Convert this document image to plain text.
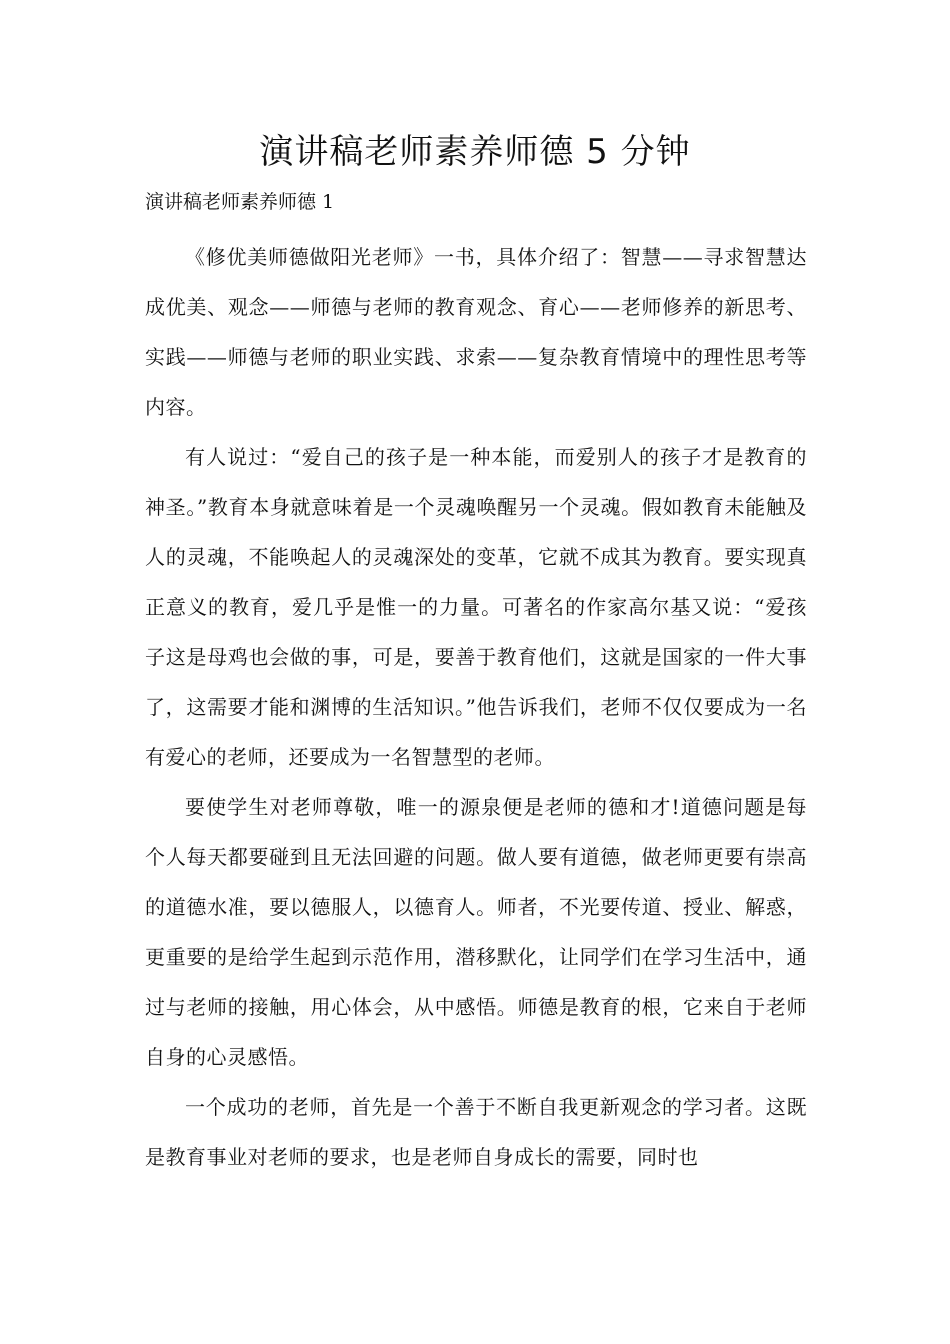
演讲稿老师素养师德 5 分钟

演讲稿老师素养师德 1

《修优美师德做阳光老师》一书，具体介绍了：智慧——寻求智慧达成优美、观念——师德与老师的教育观念、育心——老师修养的新思考、实践——师德与老师的职业实践、求索——复杂教育情境中的理性思考等内容。

有人说过：“爱自己的孩子是一种本能，而爱别人的孩子才是教育的神圣。”教育本身就意味着是一个灵魂唤醒另一个灵魂。假如教育未能触及人的灵魂，不能唤起人的灵魂深处的变革，它就不成其为教育。要实现真正意义的教育，爱几乎是惟一的力量。可著名的作家高尔基又说：“爱孩子这是母鸡也会做的事，可是，要善于教育他们，这就是国家的一件大事了，这需要才能和渊博的生活知识。”他告诉我们，老师不仅仅要成为一名有爱心的老师，还要成为一名智慧型的老师。

要使学生对老师尊敬，唯一的源泉便是老师的德和才!道德问题是每个人每天都要碰到且无法回避的问题。做人要有道德，做老师更要有崇高的道德水准，要以德服人，以德育人。师者，不光要传道、授业、解惑，更重要的是给学生起到示范作用，潜移默化，让同学们在学习生活中，通过与老师的接触，用心体会，从中感悟。师德是教育的根，它来自于老师自身的心灵感悟。

一个成功的老师，首先是一个善于不断自我更新观念的学习者。这既是教育事业对老师的要求，也是老师自身成长的需要，同时也
